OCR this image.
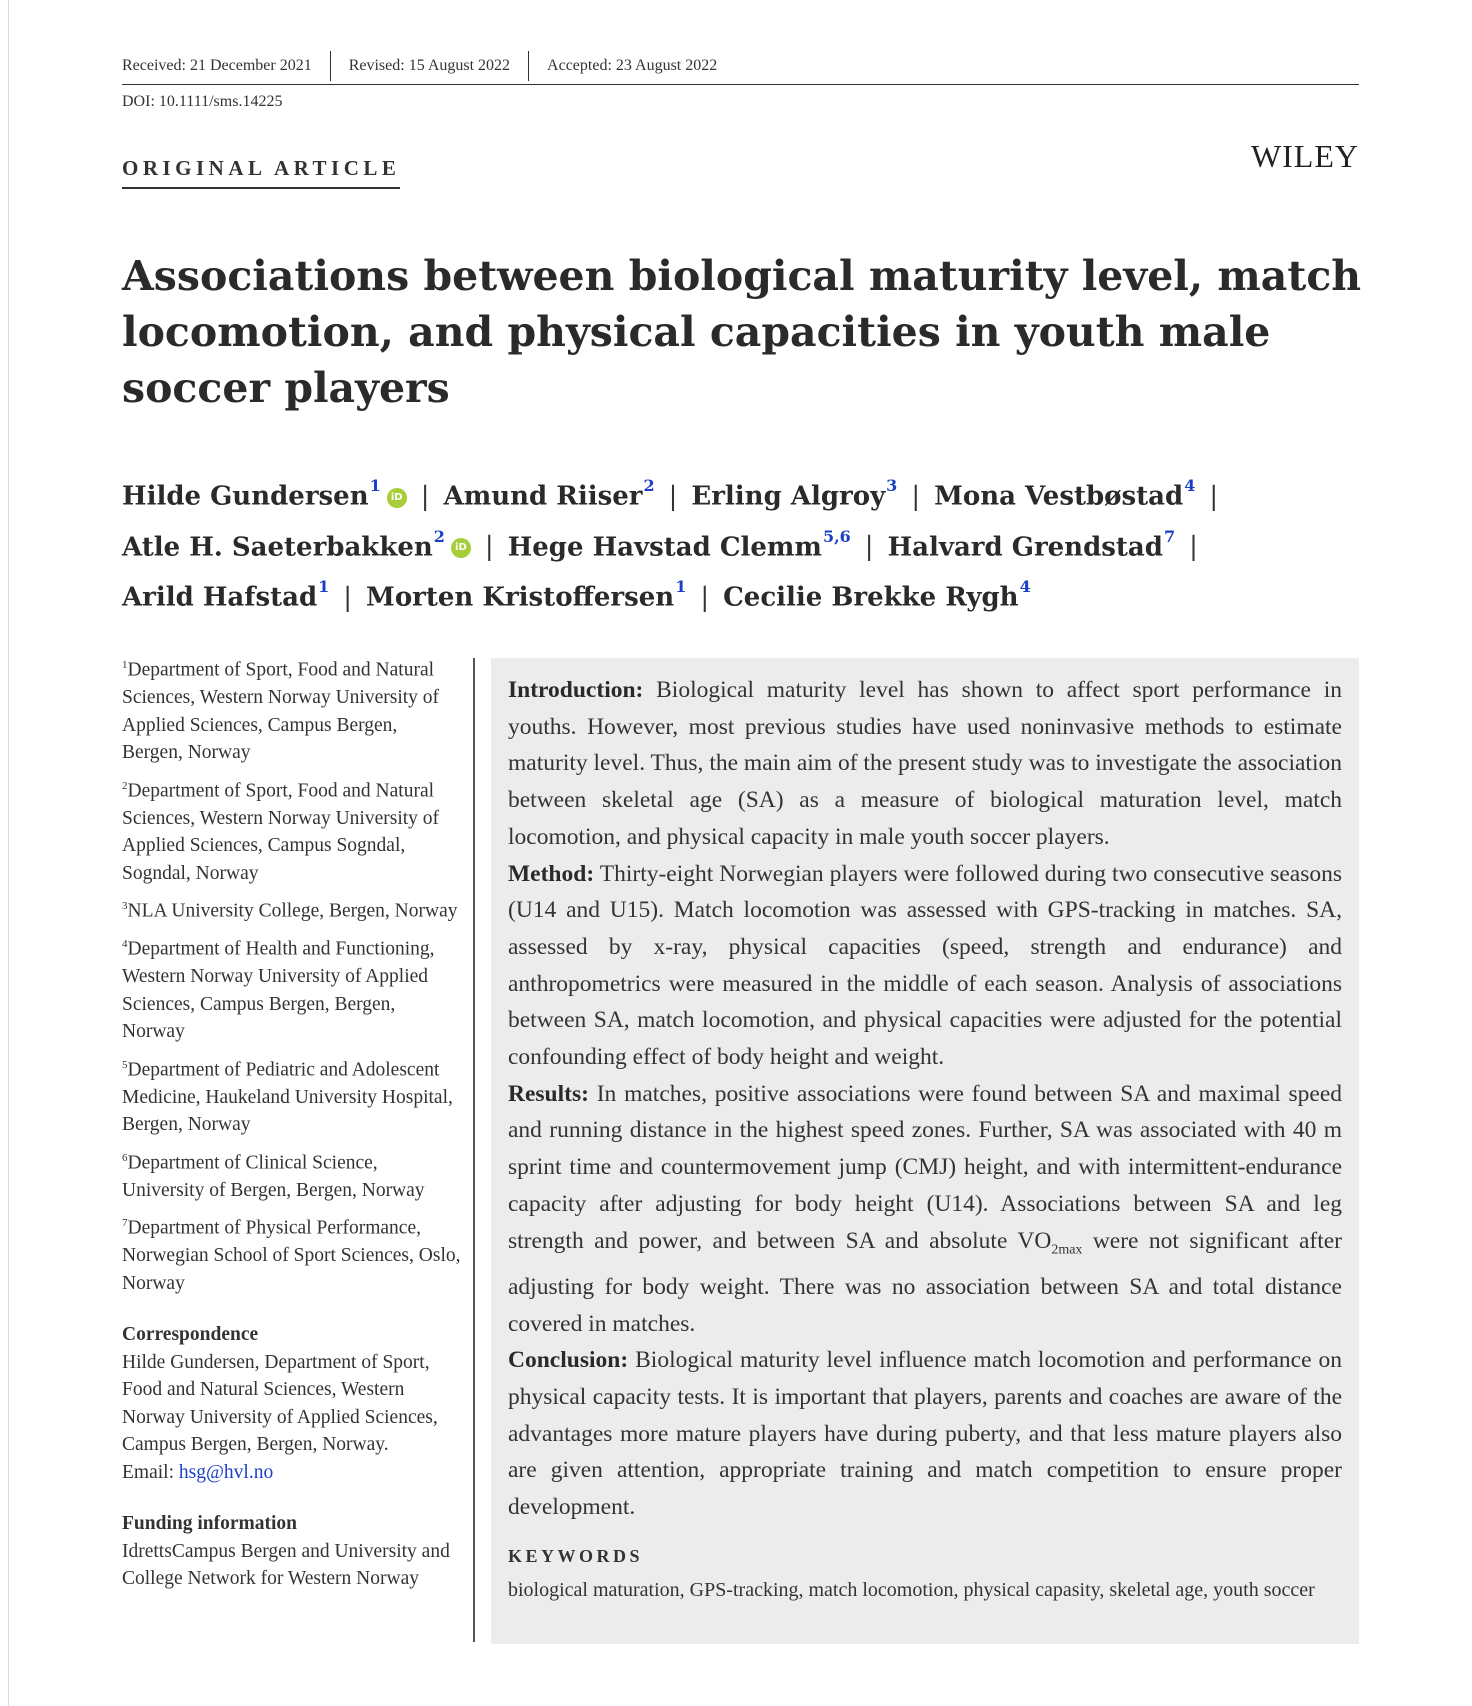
Received: 21 December 2021	Revised: 15 August 2022	Accepted: 23 August 2022
DOI: 10.1111/sms.14225
ORIGINAL ARTICLE	WILEY
Associations between biological maturity level, match locomotion, and physical capacities in youth male soccer players
Hilde Gundersen$^1$iD | Amund Riiser$^2$ | Erling Algroy$^3$ | Mona Vestbøstad$^4$ |
Atle H. Saeterbakken$^2$iD | Hege Havstad Clemm$^{5,6}$ | Halvard Grendstad$^7$ |
Arild Hafstad$^1$ | Morten Kristoffersen$^1$ | Cecilie Brekke Rygh$^4$
$^1$Department of Sport, Food and Natural Sciences, Western Norway University of Applied Sciences, Campus Bergen, Bergen, Norway
$^2$Department of Sport, Food and Natural Sciences, Western Norway University of Applied Sciences, Campus Sogndal, Sogndal, Norway
$^3$NLA University College, Bergen, Norway
$^4$Department of Health and Functioning, Western Norway University of Applied Sciences, Campus Bergen, Bergen, Norway
$^5$Department of Pediatric and Adolescent Medicine, Haukeland University Hospital, Bergen, Norway
$^6$Department of Clinical Science, University of Bergen, Bergen, Norway
$^7$Department of Physical Performance, Norwegian School of Sport Sciences, Oslo, Norway
Correspondence
Hilde Gundersen, Department of Sport, Food and Natural Sciences, Western Norway University of Applied Sciences, Campus Bergen, Bergen, Norway.
Email: hsg@hvl.no
Funding information
IdrettsCampus Bergen and University and College Network for Western Norway

Introduction: Biological maturity level has shown to affect sport performance in youths. However, most previous studies have used noninvasive methods to estimate maturity level. Thus, the main aim of the present study was to investigate the association between skeletal age (SA) as a measure of biological maturation level, match locomotion, and physical capacity in male youth soccer players.
Method: Thirty-eight Norwegian players were followed during two consecutive seasons (U14 and U15). Match locomotion was assessed with GPS-tracking in matches. SA, assessed by x-ray, physical capacities (speed, strength and endurance) and anthropometrics were measured in the middle of each season. Analysis of associations between SA, match locomotion, and physical capacities were adjusted for the potential confounding effect of body height and weight.
Results: In matches, positive associations were found between SA and maximal speed and running distance in the highest speed zones. Further, SA was associated with 40 m sprint time and countermovement jump (CMJ) height, and with intermittent-endurance capacity after adjusting for body height (U14). Associations between SA and leg strength and power, and between SA and absolute $VO_{2max}$ were not significant after adjusting for body weight. There was no association between SA and total distance covered in matches.
Conclusion: Biological maturity level influence match locomotion and performance on physical capacity tests. It is important that players, parents and coaches are aware of the advantages more mature players have during puberty, and that less mature players also are given attention, appropriate training and match competition to ensure proper development.

KEYWORDS
biological maturation, GPS-tracking, match locomotion, physical capasity, skeletal age, youth soccer
